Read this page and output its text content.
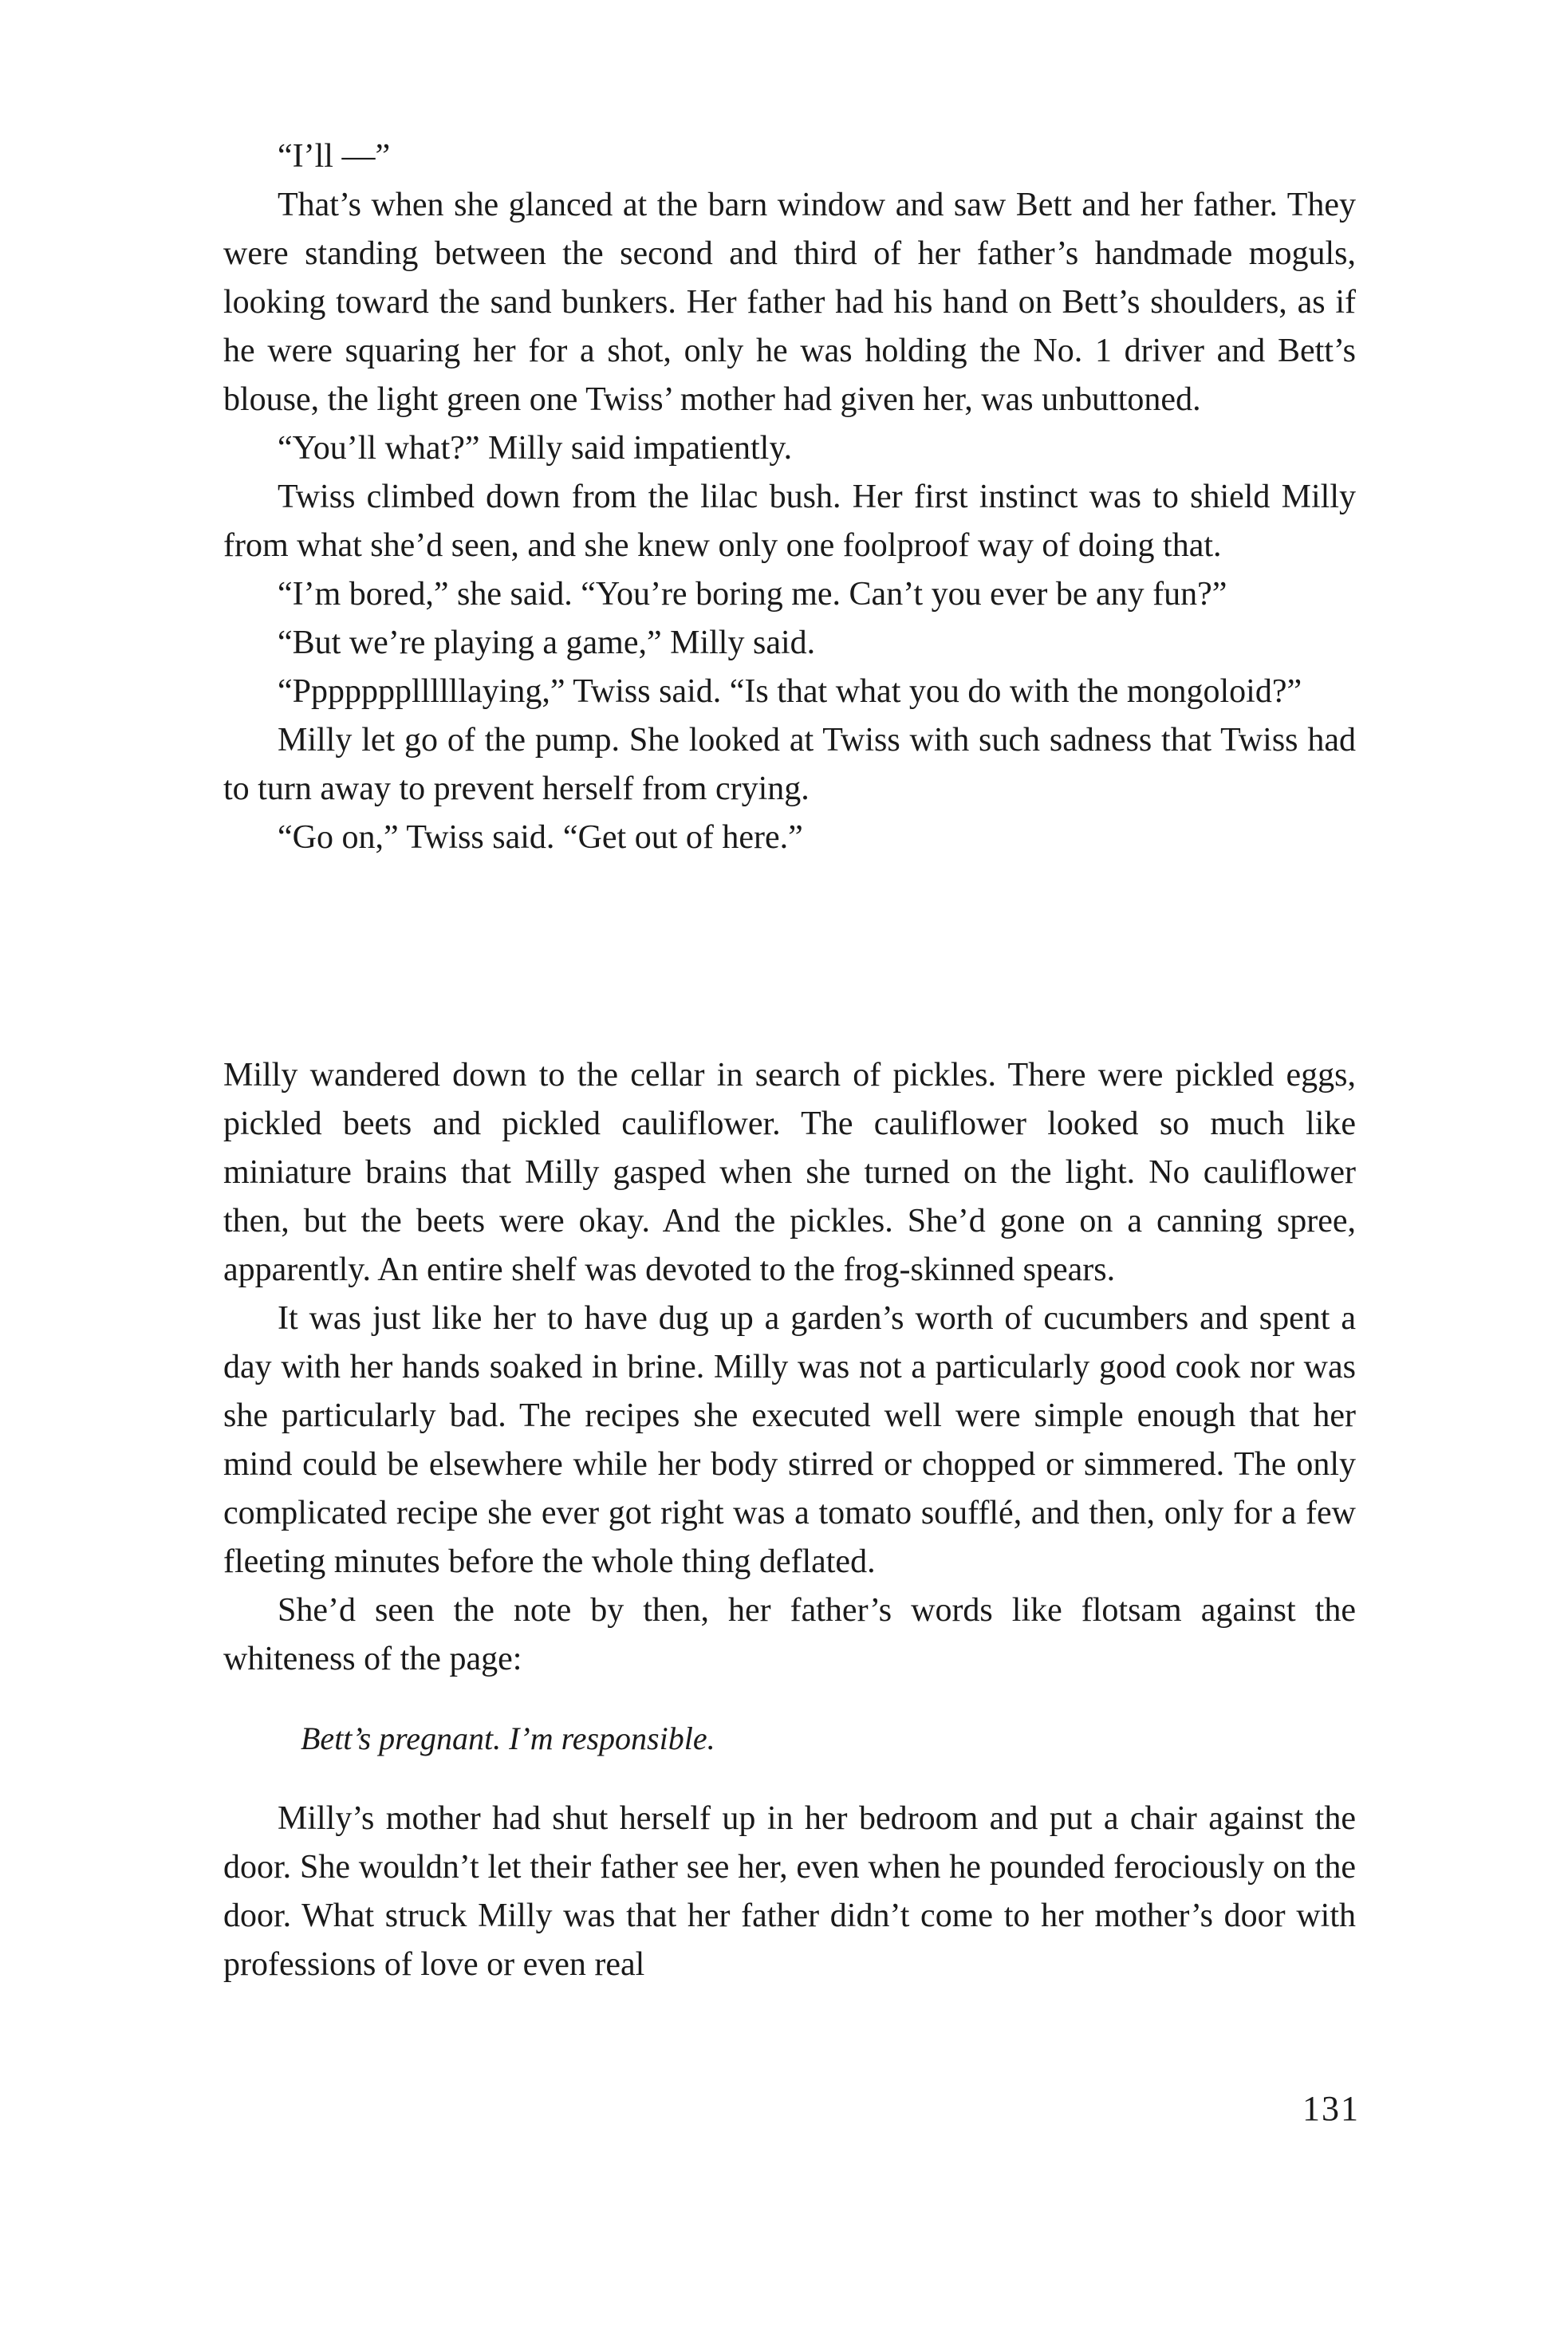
“I’ll —”

That’s when she glanced at the barn window and saw Bett and her father. They were standing between the second and third of her father’s handmade moguls, looking toward the sand bunkers. Her father had his hand on Bett’s shoulders, as if he were squaring her for a shot, only he was holding the No. 1 driver and Bett’s blouse, the light green one Twiss’ mother had given her, was unbuttoned.

“You’ll what?” Milly said impatiently.

Twiss climbed down from the lilac bush. Her first instinct was to shield Milly from what she’d seen, and she knew only one foolproof way of doing that.

“I’m bored,” she said. “You’re boring me. Can’t you ever be any fun?”

“But we’re playing a game,” Milly said.

“Pppppppllllllaying,” Twiss said. “Is that what you do with the mongoloid?”

Milly let go of the pump. She looked at Twiss with such sadness that Twiss had to turn away to prevent herself from crying.

“Go on,” Twiss said. “Get out of here.”

Milly wandered down to the cellar in search of pickles. There were pickled eggs, pickled beets and pickled cauliflower. The cauliflower looked so much like miniature brains that Milly gasped when she turned on the light. No cauliflower then, but the beets were okay. And the pickles. She’d gone on a canning spree, apparently. An entire shelf was devoted to the frog-skinned spears.

It was just like her to have dug up a garden’s worth of cucumbers and spent a day with her hands soaked in brine. Milly was not a particularly good cook nor was she particularly bad. The recipes she executed well were simple enough that her mind could be elsewhere while her body stirred or chopped or simmered. The only complicated recipe she ever got right was a tomato soufflé, and then, only for a few fleeting minutes before the whole thing deflated.

She’d seen the note by then, her father’s words like flotsam against the whiteness of the page:

Bett’s pregnant. I’m responsible.

Milly’s mother had shut herself up in her bedroom and put a chair against the door. She wouldn’t let their father see her, even when he pounded ferociously on the door. What struck Milly was that her father didn’t come to her mother’s door with professions of love or even real

131
